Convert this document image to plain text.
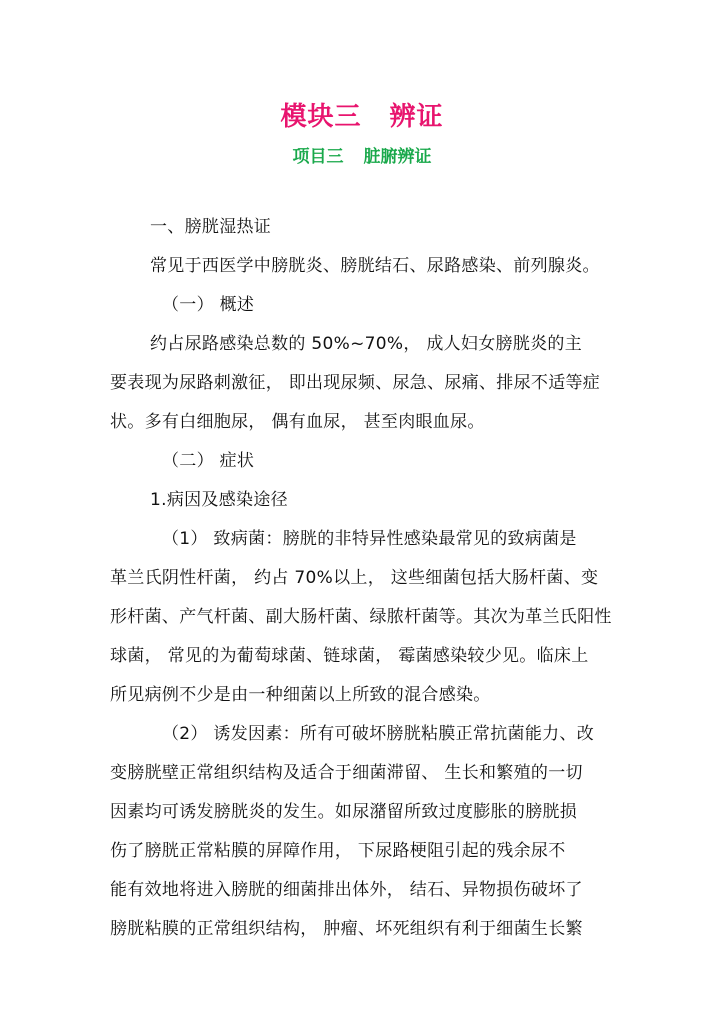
模块三 辨证
项目三 脏腑辨证
一、膀胱湿热证
常见于西医学中膀胱炎、膀胱结石、尿路感染、前列腺炎。
（一） 概述
约占尿路感染总数的 50%~70%， 成人妇女膀胱炎的主
要表现为尿路刺激征， 即出现尿频、尿急、尿痛、排尿不适等症
状。多有白细胞尿， 偶有血尿， 甚至肉眼血尿。
（二） 症状
1.病因及感染途径
（1） 致病菌：膀胱的非特异性感染最常见的致病菌是
革兰氏阴性杆菌， 约占 70%以上， 这些细菌包括大肠杆菌、变
形杆菌、产气杆菌、副大肠杆菌、绿脓杆菌等。其次为革兰氏阳性
球菌， 常见的为葡萄球菌、链球菌， 霉菌感染较少见。临床上
所见病例不少是由一种细菌以上所致的混合感染。
（2） 诱发因素：所有可破坏膀胱粘膜正常抗菌能力、改
变膀胱壁正常组织结构及适合于细菌滞留、 生长和繁殖的一切
因素均可诱发膀胱炎的发生。如尿潴留所致过度膨胀的膀胱损
伤了膀胱正常粘膜的屏障作用， 下尿路梗阻引起的残余尿不
能有效地将进入膀胱的细菌排出体外， 结石、异物损伤破坏了
膀胱粘膜的正常组织结构， 肿瘤、坏死组织有利于细菌生长繁
